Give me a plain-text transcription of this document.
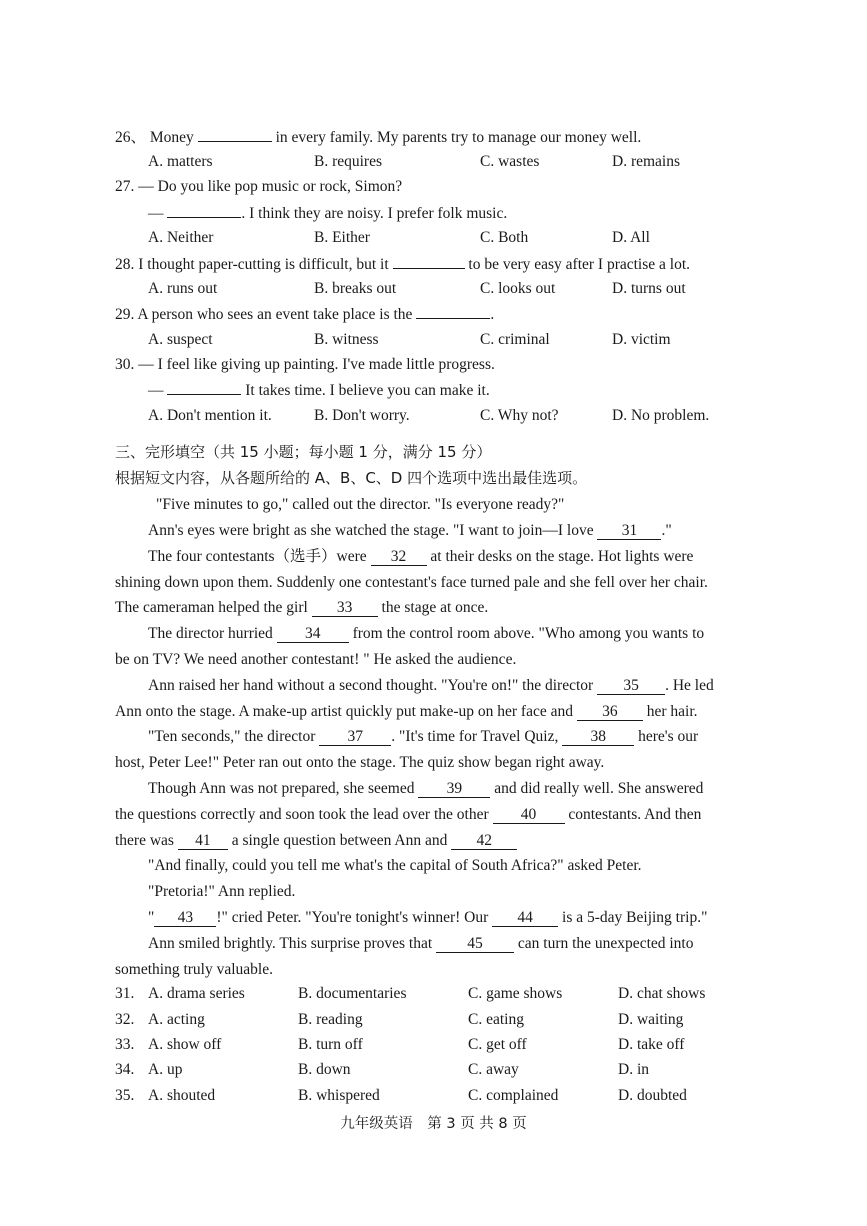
26、 Money	in every family. My parents try to manage our money well.
A. matters	B. requires	C. wastes	D. remains
27. — Do you like pop music or rock, Simon?
—	. I think they are noisy. I prefer folk music.
A. Neither	B. Either	C. Both	D. All
28. I thought paper-cutting is difficult, but it	to be very easy after I practise a lot.
A. runs out	B. breaks out	C. looks out	D. turns out
29. A person who sees an event take place is the	.
A. suspect	B. witness	C. criminal	D. victim
30. — I feel like giving up painting. I've made little progress.
—	It takes time. I believe you can make it.
A. Don't mention it.	B. Don't worry.	C. Why not?	D. No problem.
三、完形填空（共 15 小题；每小题 1 分，满分 15 分）
根据短文内容，从各题所给的 A、B、C、D 四个选项中选出最佳选项。
"Five minutes to go," called out the director. "Is everyone ready?"
Ann's eyes were bright as she watched the stage. "I want to join—I love 31 ."
The four contestants（选手）were 32 at their desks on the stage. Hot lights were
shining down upon them. Suddenly one contestant's face turned pale and she fell over her chair.
The cameraman helped the girl 33 the stage at once.
The director hurried 34 from the control room above. "Who among you wants to
be on TV? We need another contestant! " He asked the audience.
Ann raised her hand without a second thought. "You're on!" the director 35 . He led
Ann onto the stage. A make-up artist quickly put make-up on her face and 36 her hair.
"Ten seconds," the director 37 . "It's time for Travel Quiz, 38 here's our
host, Peter Lee!" Peter ran out onto the stage. The quiz show began right away.
Though Ann was not prepared, she seemed 39 and did really well. She answered
the questions correctly and soon took the lead over the other 40 contestants. And then
there was 41 a single question between Ann and 42
"And finally, could you tell me what's the capital of South Africa?" asked Peter.
"Pretoria!" Ann replied.
" 43 !" cried Peter. "You're tonight's winner! Our 44 is a 5-day Beijing trip."
Ann smiled brightly. This surprise proves that 45 can turn the unexpected into
something truly valuable.
31. A. drama series	B. documentaries	C. game shows	D. chat shows
32. A. acting	B. reading	C. eating	D. waiting
33. A. show off	B. turn off	C. get off	D. take off
34. A. up	B. down	C. away	D. in
35. A. shouted	B. whispered	C. complained	D. doubted
九年级英语　第 3 页 共 8 页
